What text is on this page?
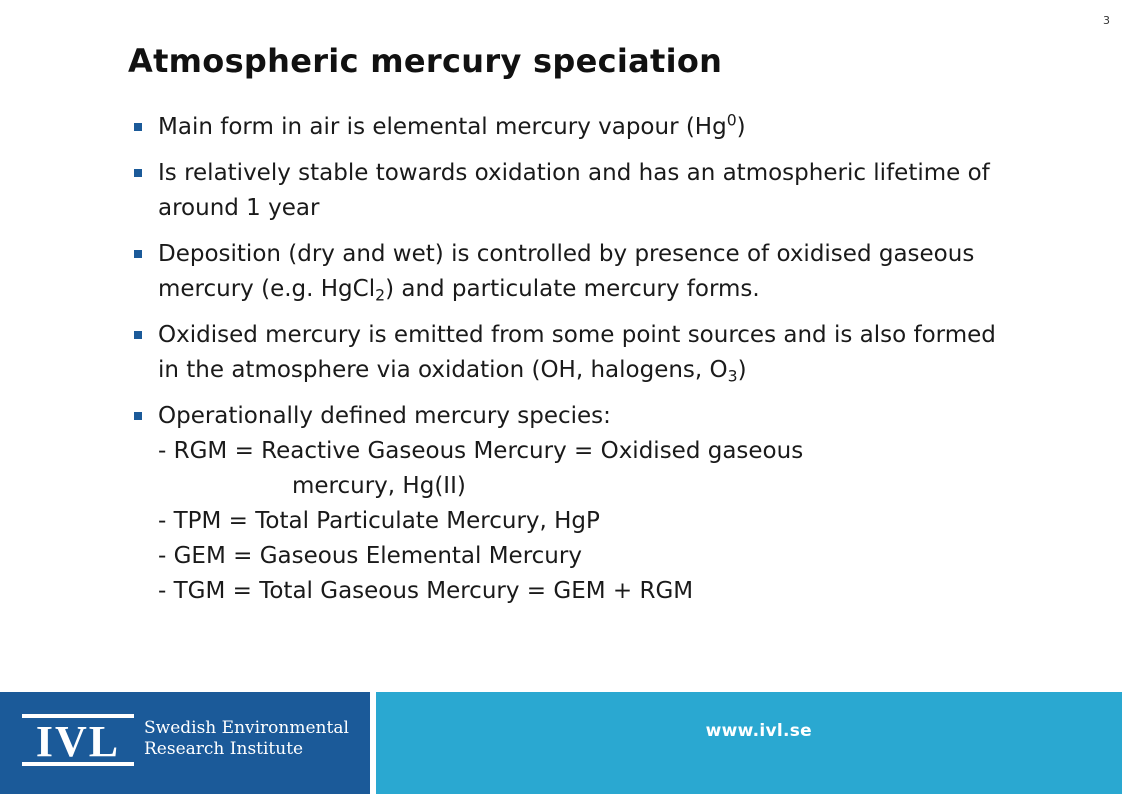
3
Atmospheric mercury speciation
Main form in air is elemental mercury vapour (Hg$^0$)
Is relatively stable towards oxidation and has an atmospheric lifetime of around 1 year
Deposition (dry and wet) is controlled by presence of oxidised gaseous mercury (e.g. HgCl$_2$) and particulate mercury forms.
Oxidised mercury is emitted from some point sources and is also formed in the atmosphere via oxidation (OH, halogens, $O_3$)
Operationally defined mercury species:
- RGM = Reactive Gaseous Mercury = Oxidised gaseous
mercury, Hg(II)
- TPM = Total Particulate Mercury, HgP
- GEM = Gaseous Elemental Mercury
- TGM = Total Gaseous Mercury = GEM + RGM
IVL Swedish Environmental
Research Institute
www.ivl.se
